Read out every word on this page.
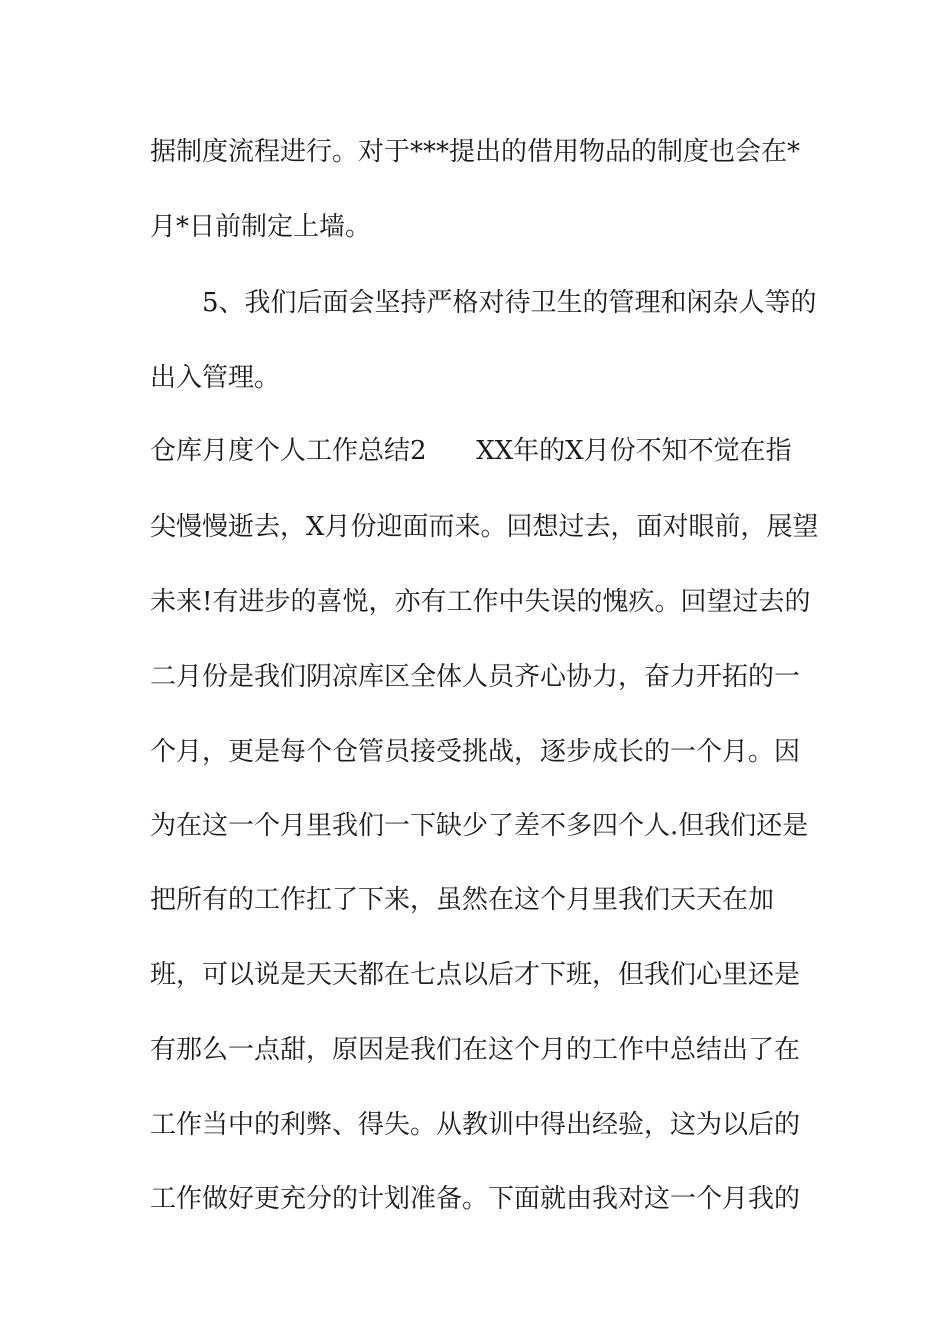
据制度流程进行。对于***提出的借用物品的制度也会在*
月*日前制定上墙。
5、我们后面会坚持严格对待卫生的管理和闲杂人等的
出入管理。
仓库月度个人工作总结2      XX年的X月份不知不觉在指
尖慢慢逝去，X月份迎面而来。回想过去，面对眼前，展望
未来!有进步的喜悦，亦有工作中失误的愧疚。回望过去的
二月份是我们阴凉库区全体人员齐心协力，奋力开拓的一
个月，更是每个仓管员接受挑战，逐步成长的一个月。因
为在这一个月里我们一下缺少了差不多四个人.但我们还是
把所有的工作扛了下来，虽然在这个月里我们天天在加
班，可以说是天天都在七点以后才下班，但我们心里还是
有那么一点甜，原因是我们在这个月的工作中总结出了在
工作当中的利弊、得失。从教训中得出经验，这为以后的
工作做好更充分的计划准备。下面就由我对这一个月我的
